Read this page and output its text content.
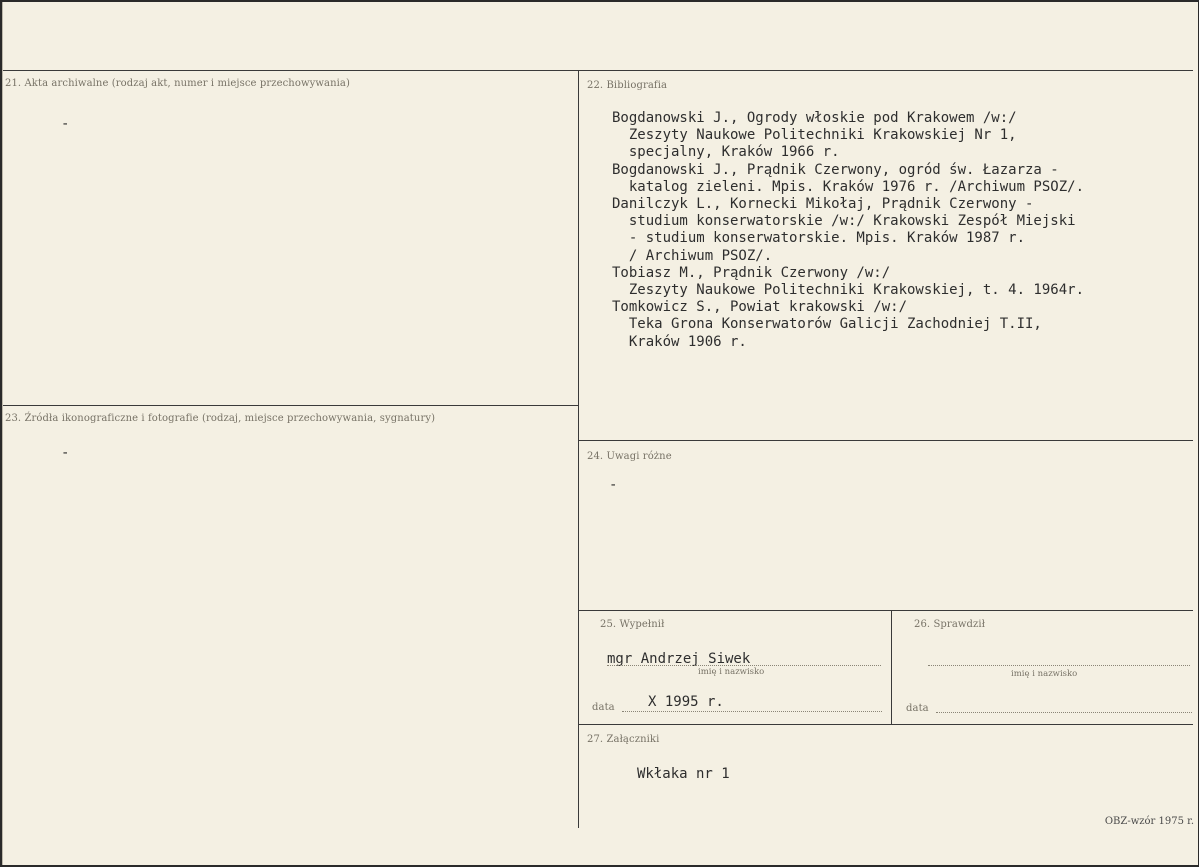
21. Akta archiwalne (rodzaj akt, numer i miejsce przechowywania)
-
22. Bibliografia
Bogdanowski J., Ogrody włoskie pod Krakowem /w:/
Zeszyty Naukowe Politechniki Krakowskiej Nr 1,
specjalny, Kraków 1966 r.
Bogdanowski J., Prądnik Czerwony, ogród św. Łazarza -
katalog zieleni. Mpis. Kraków 1976 r. /Archiwum PSOZ/.
Danilczyk L., Kornecki Mikołaj, Prądnik Czerwony -
studium konserwatorskie /w:/ Krakowski Zespół Miejski
- studium konserwatorskie. Mpis. Kraków 1987 r.
/ Archiwum PSOZ/.
Tobiasz M., Prądnik Czerwony /w:/
Zeszyty Naukowe Politechniki Krakowskiej, t. 4. 1964r.
Tomkowicz S., Powiat krakowski /w:/
Teka Grona Konserwatorów Galicji Zachodniej T.II,
Kraków 1906 r.
23. Źródła ikonograficzne i fotografie (rodzaj, miejsce przechowywania, sygnatury)
-	24. Uwagi różne
-
25. Wypełnił
mgr Andrzej Siwek
imię i nazwisko
data X 1995 r.
26. Sprawdził
imię i nazwisko
data
27. Załączniki
Wkłaka nr 1
OBZ-wzór 1975 r.
